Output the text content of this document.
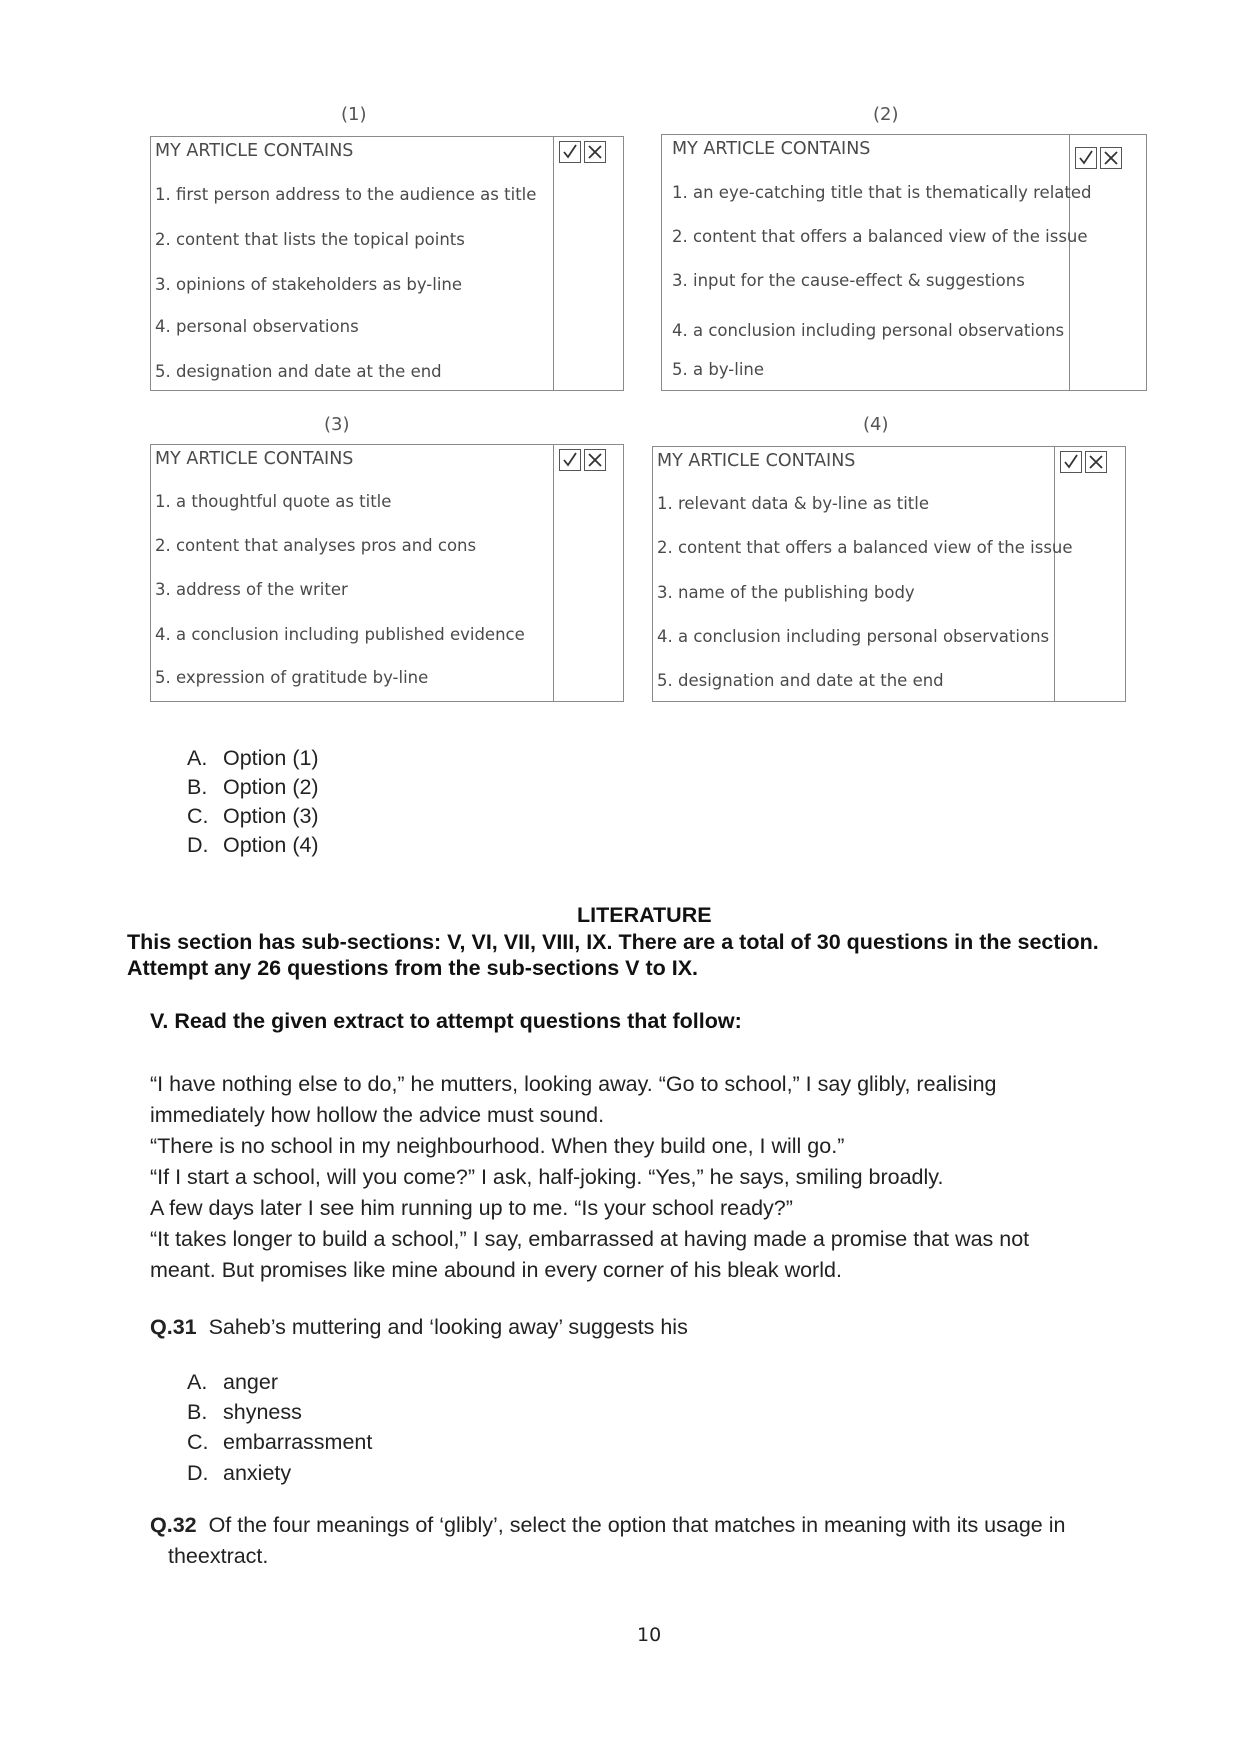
(1)
MY ARTICLE CONTAINS
1. first person address to the audience as title
2. content that lists the topical points
3. opinions of stakeholders as by-line
4. personal observations
5. designation and date at the end
(2)
MY ARTICLE CONTAINS
1. an eye-catching title that is thematically related
2. content that offers a balanced view of the issue
3. input for the cause-effect & suggestions
4. a conclusion including personal observations
5. a by-line
(3)
MY ARTICLE CONTAINS
1. a thoughtful quote as title
2. content that analyses pros and cons
3. address of the writer
4. a conclusion including published evidence
5. expression of gratitude by-line
(4)
MY ARTICLE CONTAINS
1. relevant data & by-line as title
2. content that offers a balanced view of the issue
3. name of the publishing body
4. a conclusion including personal observations
5. designation and date at the end
A. Option (1)
B. Option (2)
C. Option (3)
D. Option (4)
LITERATURE
This section has sub-sections: V, VI, VII, VIII, IX. There are a total of 30 questions in the section.
Attempt any 26 questions from the sub-sections V to IX.
V. Read the given extract to attempt questions that follow:
“I have nothing else to do,” he mutters, looking away. “Go to school,” I say glibly, realising
immediately how hollow the advice must sound.
“There is no school in my neighbourhood. When they build one, I will go.”
“If I start a school, will you come?” I ask, half-joking. “Yes,” he says, smiling broadly.
A few days later I see him running up to me. “Is your school ready?”
“It takes longer to build a school,” I say, embarrassed at having made a promise that was not
meant. But promises like mine abound in every corner of his bleak world.
Q.31 Saheb’s muttering and ‘looking away’ suggests his
A. anger
B. shyness
C. embarrassment
D. anxiety
Q.32 Of the four meanings of ‘glibly’, select the option that matches in meaning with its usage in
theextract.
10
